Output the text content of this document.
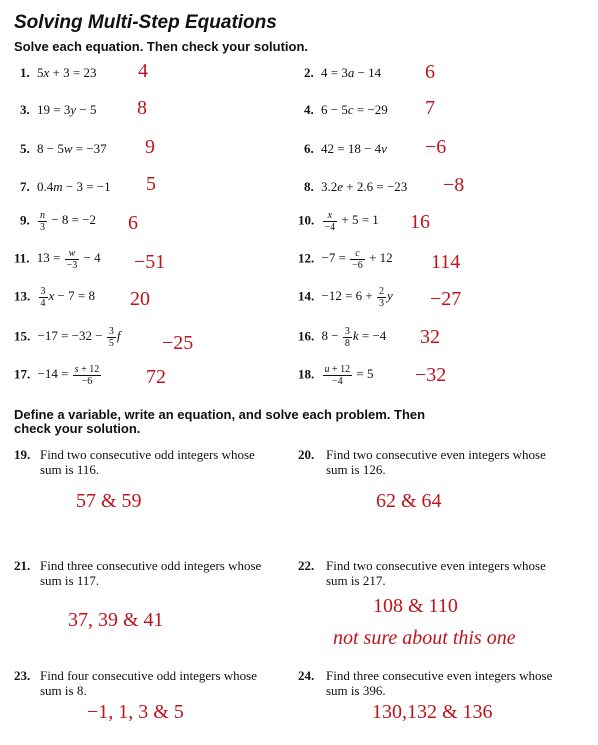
Solving Multi-Step Equations
Solve each equation. Then check your solution.
1.  5x + 3 = 23 4	2.  4 = 3a − 14 6
3.  19 = 3y − 5 8	4.  6 − 5c = −29 7
5.  8 − 5w = −37 9	6.  42 = 18 − 4v −6
7.  0.4m − 3 = −1 5	8.  3.2e + 2.6 = −23 −8
9. $\frac{n}{3} - 8 = -2$ 6	10. $\frac{x}{-4} + 5 = 1$ 16
11.  $13 = \frac{w}{-3} - 4 -51$	12.  $-7 = \frac{c}{-6} + 12$ 114
13. $\frac{3}{4}$ x − 7 = 8 20	14.  $-12 = 6 + \frac{2}{3}$ y −27
15.  $-17 = -32 - \frac{3}{5}$ f −25	16.  $8 - \frac{3}{8}$ k = −4 32
17.  $-14 = \frac{s + 12}{-6} 72$	18. $\frac{u + 12}{-4} = 5 -32$
Define a variable, write an equation, and solve each problem. Then check your solution.
19. Find two consecutive odd integers whose sum is 116.
57 & 59
20. Find two consecutive even integers whose sum is 126.
62 & 64
21. Find three consecutive odd integers whose sum is 117.
37, 39 & 41
22. Find two consecutive even integers whose sum is 217.
108 & 110
not sure about this one
23. Find four consecutive odd integers whose sum is 8.
−1, 1, 3 & 5
24. Find three consecutive even integers whose sum is 396.
130,132 & 136
